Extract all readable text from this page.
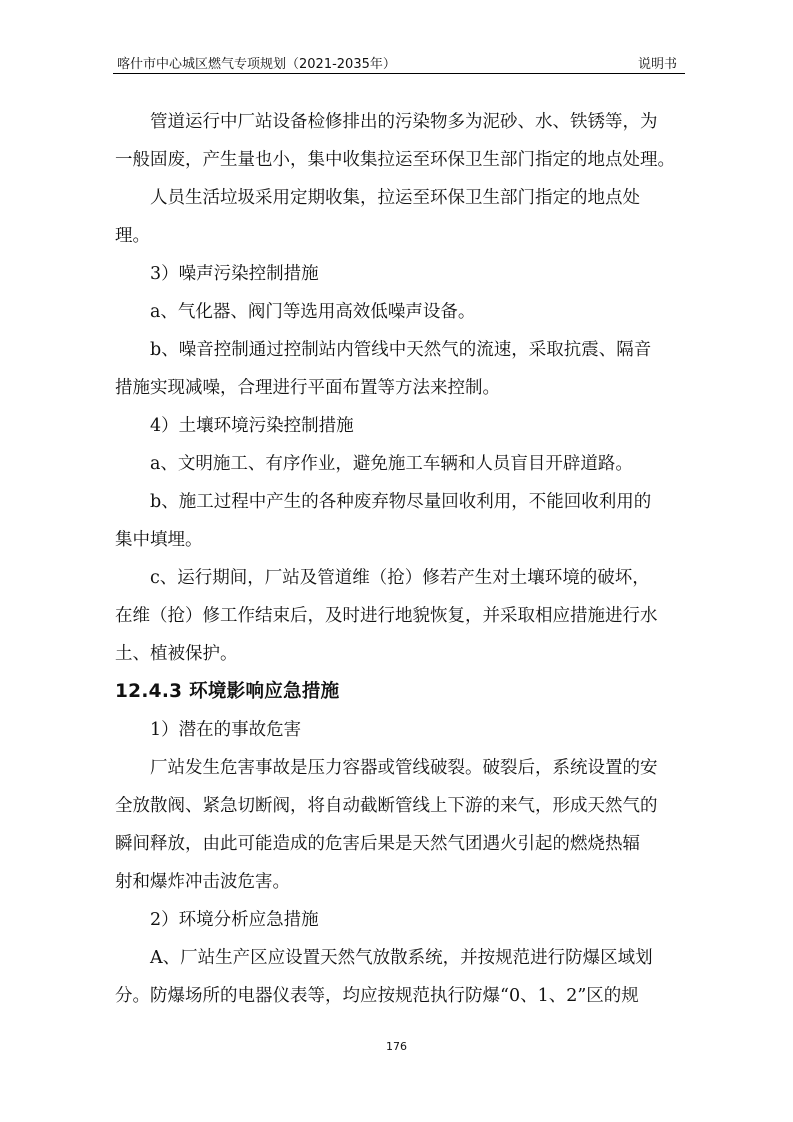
喀什市中心城区燃气专项规划（2021-2035年）	说明书
管道运行中厂站设备检修排出的污染物多为泥砂、水、铁锈等，为
一般固废，产生量也小，集中收集拉运至环保卫生部门指定的地点处理。
人员生活垃圾采用定期收集，拉运至环保卫生部门指定的地点处
理。
3）噪声污染控制措施
a、气化器、阀门等选用高效低噪声设备。
b、噪音控制通过控制站内管线中天然气的流速，采取抗震、隔音
措施实现减噪，合理进行平面布置等方法来控制。
4）土壤环境污染控制措施
a、文明施工、有序作业，避免施工车辆和人员盲目开辟道路。
b、施工过程中产生的各种废弃物尽量回收利用，不能回收利用的
集中填埋。
c、运行期间，厂站及管道维（抢）修若产生对土壤环境的破坏，
在维（抢）修工作结束后，及时进行地貌恢复，并采取相应措施进行水
土、植被保护。
12.4.3 环境影响应急措施
1）潜在的事故危害
厂站发生危害事故是压力容器或管线破裂。破裂后，系统设置的安
全放散阀、紧急切断阀，将自动截断管线上下游的来气，形成天然气的
瞬间释放，由此可能造成的危害后果是天然气团遇火引起的燃烧热辐
射和爆炸冲击波危害。
2）环境分析应急措施
A、厂站生产区应设置天然气放散系统，并按规范进行防爆区域划
分。防爆场所的电器仪表等，均应按规范执行防爆“0、1、2”区的规
176
